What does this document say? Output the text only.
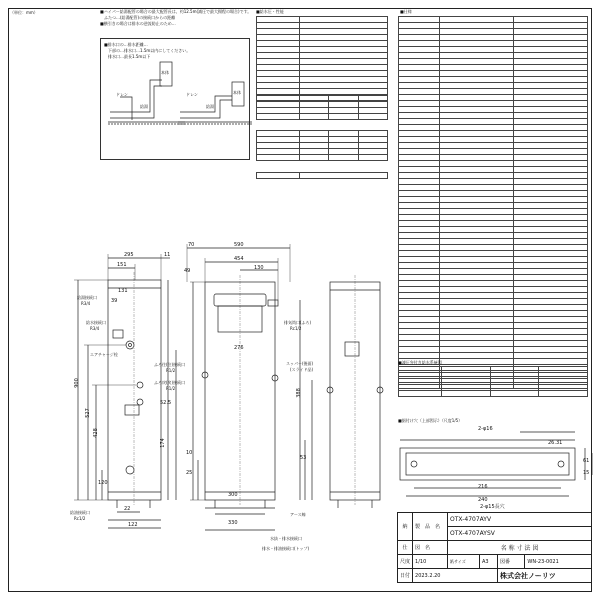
（単位：mm）	■ハイパー給湯配管の場合の最大配管長は、約12.5m(減圧で最大揚程の場合)です。
ふたつ…(給湯配管)の接続口からの距離
■横引きの場合は排水の逆流防止のため…
■排水口の…排水距離…
下部の…排水口…1.5m以内にしてください。
排水口…最長1.5m以下
ドレン	ドレン
給湯	給湯
本体
本体
■給水圧・性能

		■仕様

■減圧弁付き給水系統図

295	11
151
131
39
900
527
428
120
174
52.5
22
122
70	590
454
49	130
276
10
25
300
330
388
53
2-φ16
26.31
216
240
2-φ15長穴
61
15
■据付け穴（上部図示）（尺度1/5）
給湯接続口
R3/4
給水接続口
R3/4
エアチャージ栓
ふろ往(往)接続口
R1/2
ふろ戻(戻)接続口
R1/2
給油接続口
Rc1/2
排気筒口(ふろ)
Rc1/2
スッパー(後面)
(スライド品)
アース線
水抜・排水接続口
排水・排油接続口(トップ)
納	製　品　名	OTX-4707AYV			
		OTX-4707AYSV			
仕	図　名	名 称 寸 法 図			
尺度	1/10	紙サイズ	A3	図番	WN-23-0021
日付	2023.2.20			株式会社ノーリツ	
